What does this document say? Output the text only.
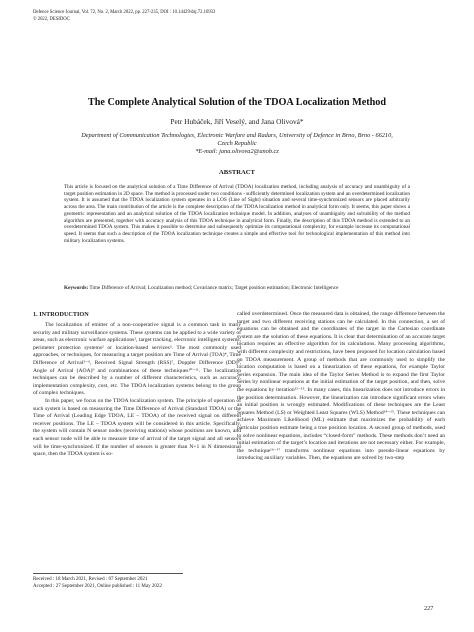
Defence Science Journal, Vol. 72, No. 2, March 2022, pp. 227-235, DOI : 10.14429/dsj.72.16933
© 2022, DESIDOC
The Complete Analytical Solution of the TDOA Localization Method
Petr Hubáček, Jiří Veselý, and Jana Olivová*
Department of Communication Technologies, Electronic Warfare and Radars, University of Defence in Brno, Brno - 66210,
Czech Republic
*E-mail: jana.olivova2@unob.cz
ABSTRACT
This article is focused on the analytical solution of a Time Difference of Arrival (TDOA) localization method, including analysis of accuracy and unambiguity of a target position estimation in 2D space. The method is processed under two conditions - sufficiently determined localization system and an overdetermined localization system. It is assumed that the TDOA localization system operates in a LOS (Line of Sight) situation and several time-synchronized sensors are placed arbitrarily across the area. The main contribution of the article is the complete description of the TDOA localization method in analytical form only. It seems, this paper shows a geometric representation and an analytical solution of the TDOA localization technique model. In addition, analyses of unambiguity and solvability of the method algorithm are presented, together with accuracy analysis of this TDOA technique in analytical form. Finally, the description of this TDOA method is extended to an overdetermined TDOA system. This makes it possible to determine and subsequently optimize its computational complexity, for example increase its computational speed. It seems that such a description of the TDOA localization technique creates a simple and effective tool for technological implementation of this method into military localization systems.
Keywords: Time Difference of Arrival; Localization method; Covariance matrix; Target position estimation; Electronic Intelligence
1. INTRODUCTION

The localization of emitter of a non-cooperative signal is a common task in many security and military surveillance systems. These systems can be applied to a wide variety of areas, such as electronic warfare applications¹, target tracking, electronic intelligent systems, perimeter protection systems² or location-based services³. The most commonly used approaches, or techniques, for measuring a target position are Time of Arrival (TOA)⁴, Time Difference of Arrival⁵⁻⁶, Received Signal Strength (RSS)⁷, Doppler Difference (DD)⁸, Angle of Arrival (AOA)⁹ and combinations of these techniques¹⁰⁻¹¹. The localization techniques can be described by a number of different characteristics, such as accuracy, implementation complexity, cost, etc. The TDOA localization systems belong to the group of complex techniques.

In this paper, we focus on the TDOA localization system. The principle of operation of such system is based on measuring the Time Difference of Arrival (Standard TDOA) or the Time of Arrival (Leading Edge TDOA, LE – TDOA) of the received signal on different receiver positions. The LE – TDOA system will be considered in this article. Specifically, the system will contain N sensor nodes (receiving stations) whose positions are known, and each sensor node will be able to measure time of arrival of the target signal and all sensors will be time-synchronized. If the number of sensors is greater than N+1 in N dimensional space, then the TDOA system is so-

called overdetermined. Once the measured data is obtained, the range difference between the target and two different receiving stations can be calculated. In this connection, a set of equations can be obtained and the coordinates of the target in the Cartesian coordinate system are the solution of these equations. It is clear that determination of an accurate target location requires an effective algorithm for its calculations. Many processing algorithms, with different complexity and restrictions, have been proposed for location calculation based on TDOA measurement. A group of methods that are commonly used to simplify the location computation is based on a linearization of these equations, for example Taylor Series expansion. The main idea of the Taylor Series Method is to expand the first Taylor Series by nonlinear equations at the initial estimation of the target position, and then, solve the equations by iteration¹²⁻¹³. In many cases, this linearization does not introduce errors in the position determination. However, the linearization can introduce significant errors when an initial position is wrongly estimated. Modifications of these techniques are the Least Squares Method (LS) or Weighted Least Squares (WLS) Method¹⁴⁻¹⁵. These techniques can achieve Maximum Likelihood (ML) estimate that maximizes the probability of each particular position estimate being a true position location. A second group of methods, used to solve nonlinear equations, includes “closed-form” methods. These methods don’t need an initial estimation of the target’s location and iterations are not necessary either. For example, the technique¹⁶⁻¹⁷ transforms nonlinear equations into pseudo-linear equations by introducing auxiliary variables. Then, the equations are solved by two-step

Received : 18 March 2021, Revised : 07 September 2021
Accepted : 27 September 2021, Online published : 11 May 2022
227
